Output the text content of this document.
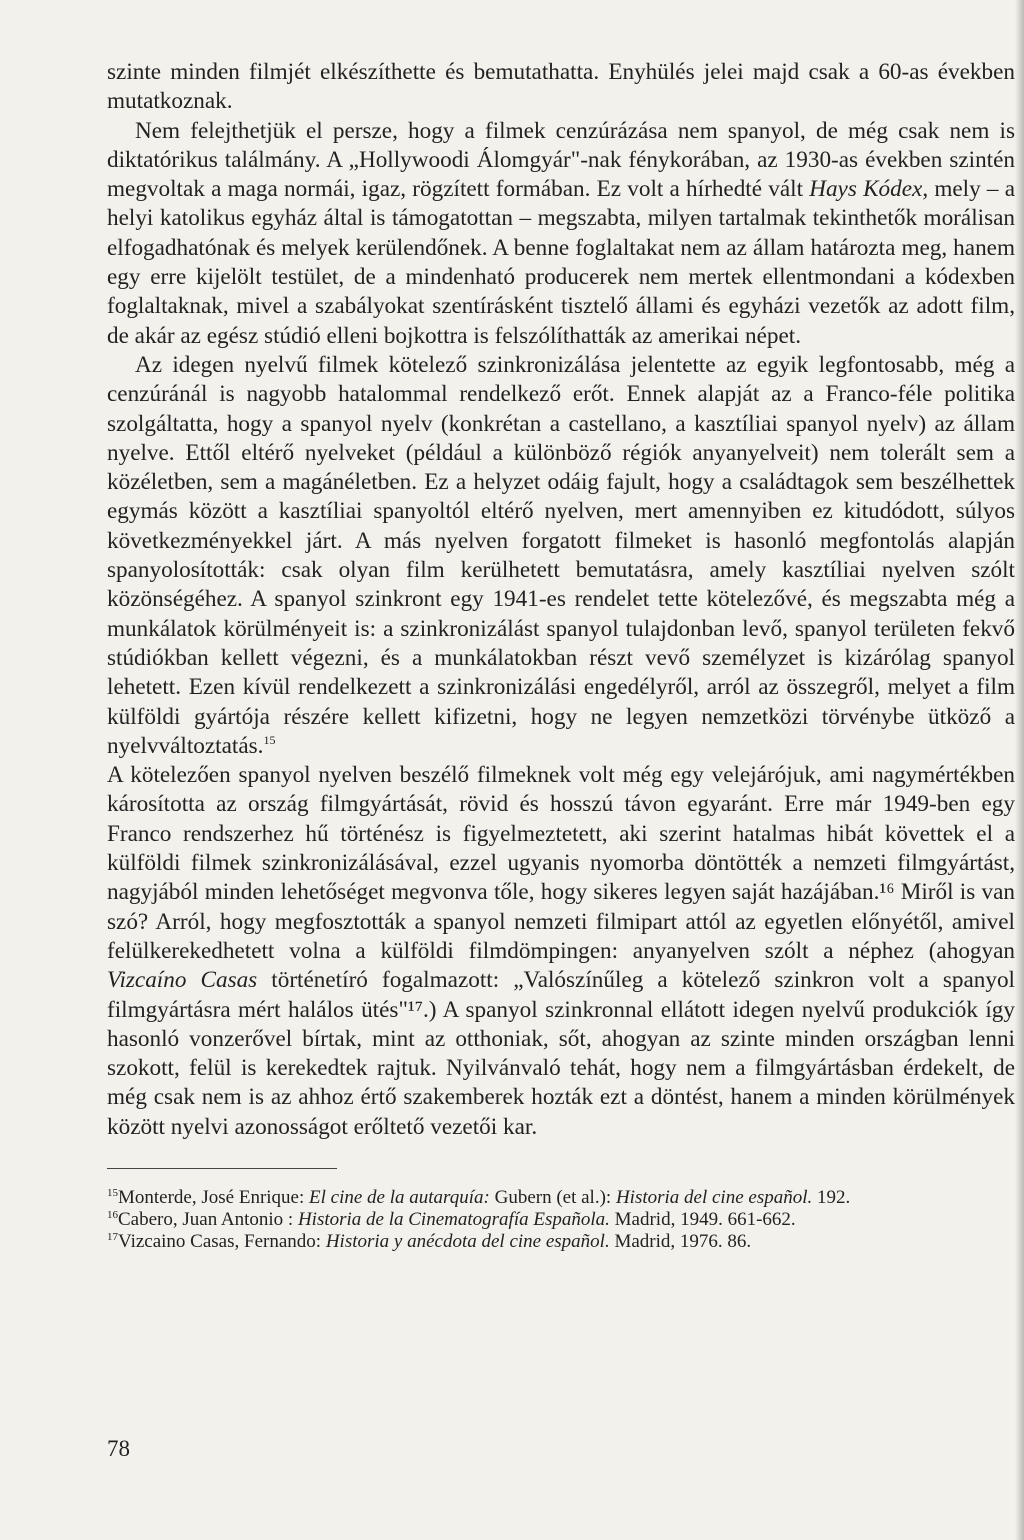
szinte minden filmjét elkészíthette és bemutathatta. Enyhülés jelei majd csak a 60-as években mutatkoznak.

Nem felejthetjük el persze, hogy a filmek cenzúrázása nem spanyol, de még csak nem is diktatórikus találmány. A „Hollywoodi Álomgyár"-nak fénykorában, az 1930-as években szintén megvoltak a maga normái, igaz, rögzített formában. Ez volt a hírhedté vált Hays Kódex, mely – a helyi katolikus egyház által is támogatottan – megszabta, milyen tartalmak tekinthetők morálisan elfogadhatónak és melyek kerülendőnek. A benne foglaltakat nem az állam határozta meg, hanem egy erre kijelölt testület, de a mindenható producerek nem mertek ellentmondani a kódexben foglaltaknak, mivel a szabályokat szentírásként tisztelő állami és egyházi vezetők az adott film, de akár az egész stúdió elleni bojkottra is felszólíthatták az amerikai népet.

Az idegen nyelvű filmek kötelező szinkronizálása jelentette az egyik legfontosabb, még a cenzúránál is nagyobb hatalommal rendelkező erőt. Ennek alapját az a Franco-féle politika szolgáltatta, hogy a spanyol nyelv (konkrétan a castellano, a kasztíliai spanyol nyelv) az állam nyelve. Ettől eltérő nyelveket (például a különböző régiók anyanyelveit) nem tolerált sem a közéletben, sem a magánéletben. Ez a helyzet odáig fajult, hogy a családtagok sem beszélhettek egymás között a kasztíliai spanyoltól eltérő nyelven, mert amennyiben ez kitudódott, súlyos következményekkel járt. A más nyelven forgatott filmeket is hasonló megfontolás alapján spanyolosították: csak olyan film kerülhetett bemutatásra, amely kasztíliai nyelven szólt közönségéhez. A spanyol szinkront egy 1941-es rendelet tette kötelezővé, és megszabta még a munkálatok körülményeit is: a szinkronizálást spanyol tulajdonban levő, spanyol területen fekvő stúdiókban kellett végezni, és a munkálatokban részt vevő személyzet is kizárólag spanyol lehetett. Ezen kívül rendelkezett a szinkronizálási engedélyről, arról az összegről, melyet a film külföldi gyártója részére kellett kifizetni, hogy ne legyen nemzetközi törvénybe ütköző a nyelvváltoztatás.$^{15}$

A kötelezően spanyol nyelven beszélő filmeknek volt még egy velejárójuk, ami nagymértékben károsította az ország filmgyártását, rövid és hosszú távon egyaránt. Erre már 1949-ben egy Franco rendszerhez hű történész is figyelmeztetett, aki szerint hatalmas hibát követtek el a külföldi filmek szinkronizálásával, ezzel ugyanis nyomorba döntötték a nemzeti filmgyártást, nagyjából minden lehetőséget megvonva tőle, hogy sikeres legyen saját hazájában.¹⁶ Miről is van szó? Arról, hogy megfosztották a spanyol nemzeti filmipart attól az egyetlen előnyétől, amivel felülkerekedhetett volna a külföldi filmdömpingen: anyanyelven szólt a néphez (ahogyan Vizcaíno Casas történetíró fogalmazott: „Valószínűleg a kötelező szinkron volt a spanyol filmgyártásra mért halálos ütés"¹⁷.) A spanyol szinkronnal ellátott idegen nyelvű produkciók így hasonló vonzerővel bírtak, mint az otthoniak, sőt, ahogyan az szinte minden országban lenni szokott, felül is kerekedtek rajtuk. Nyilvánvaló tehát, hogy nem a filmgyártásban érdekelt, de még csak nem is az ahhoz értő szakemberek hozták ezt a döntést, hanem a minden körülmények között nyelvi azonosságot erőltető vezetői kar.

$^{15}$Monterde, José Enrique: El cine de la autarquía: Gubern (et al.): Historia del cine español. 192.

$^{16}$Cabero, Juan Antonio : Historia de la Cinematografía Española. Madrid, 1949. 661-662.

$^{17}$Vizcaino Casas, Fernando: Historia y anécdota del cine español. Madrid, 1976. 86.

78
